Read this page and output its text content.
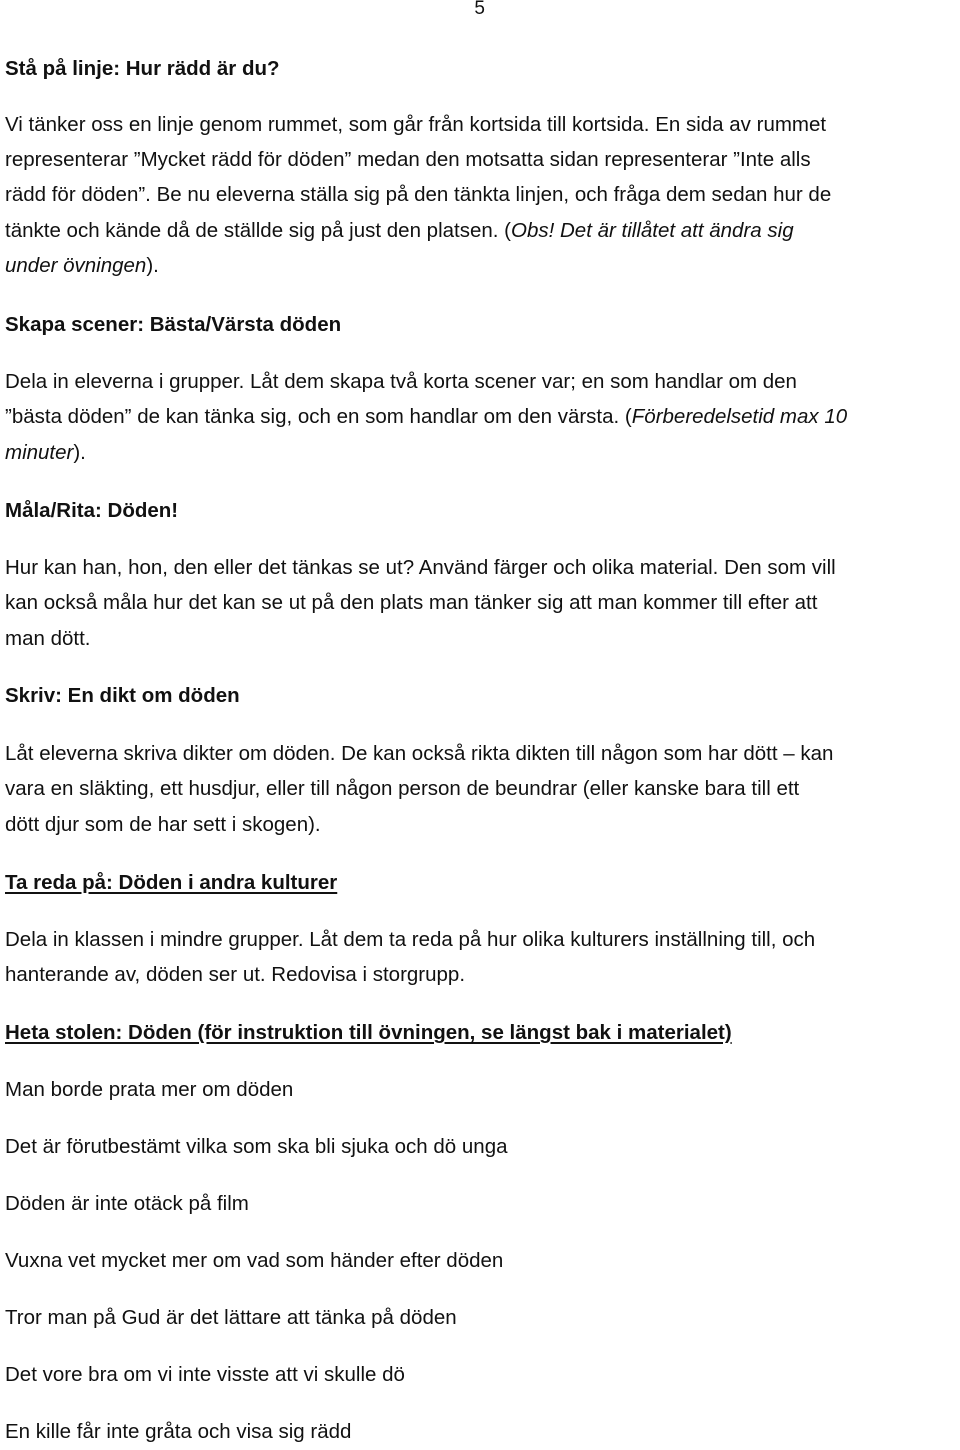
5

Stå på linje: Hur rädd är du?

Vi tänker oss en linje genom rummet, som går från kortsida till kortsida. En sida av rummet

representerar ”Mycket rädd för döden” medan den motsatta sidan representerar ”Inte alls

rädd för döden”. Be nu eleverna ställa sig på den tänkta linjen, och fråga dem sedan hur de

tänkte och kände då de ställde sig på just den platsen. (Obs! Det är tillåtet att ändra sig

under övningen).

Skapa scener: Bästa/Värsta döden

Dela in eleverna i grupper. Låt dem skapa två korta scener var; en som handlar om den

”bästa döden” de kan tänka sig, och en som handlar om den värsta. (Förberedelsetid max 10

minuter).

Måla/Rita: Döden!

Hur kan han, hon, den eller det tänkas se ut? Använd färger och olika material. Den som vill

kan också måla hur det kan se ut på den plats man tänker sig att man kommer till efter att

man dött.

Skriv: En dikt om döden

Låt eleverna skriva dikter om döden. De kan också rikta dikten till någon som har dött – kan

vara en släkting, ett husdjur, eller till någon person de beundrar (eller kanske bara till ett

dött djur som de har sett i skogen).

Ta reda på: Döden i andra kulturer

Dela in klassen i mindre grupper. Låt dem ta reda på hur olika kulturers inställning till, och

hanterande av, döden ser ut. Redovisa i storgrupp.

Heta stolen: Döden (för instruktion till övningen, se längst bak i materialet)

Man borde prata mer om döden

Det är förutbestämt vilka som ska bli sjuka och dö unga

Döden är inte otäck på film

Vuxna vet mycket mer om vad som händer efter döden

Tror man på Gud är det lättare att tänka på döden

Det vore bra om vi inte visste att vi skulle dö

En kille får inte gråta och visa sig rädd
